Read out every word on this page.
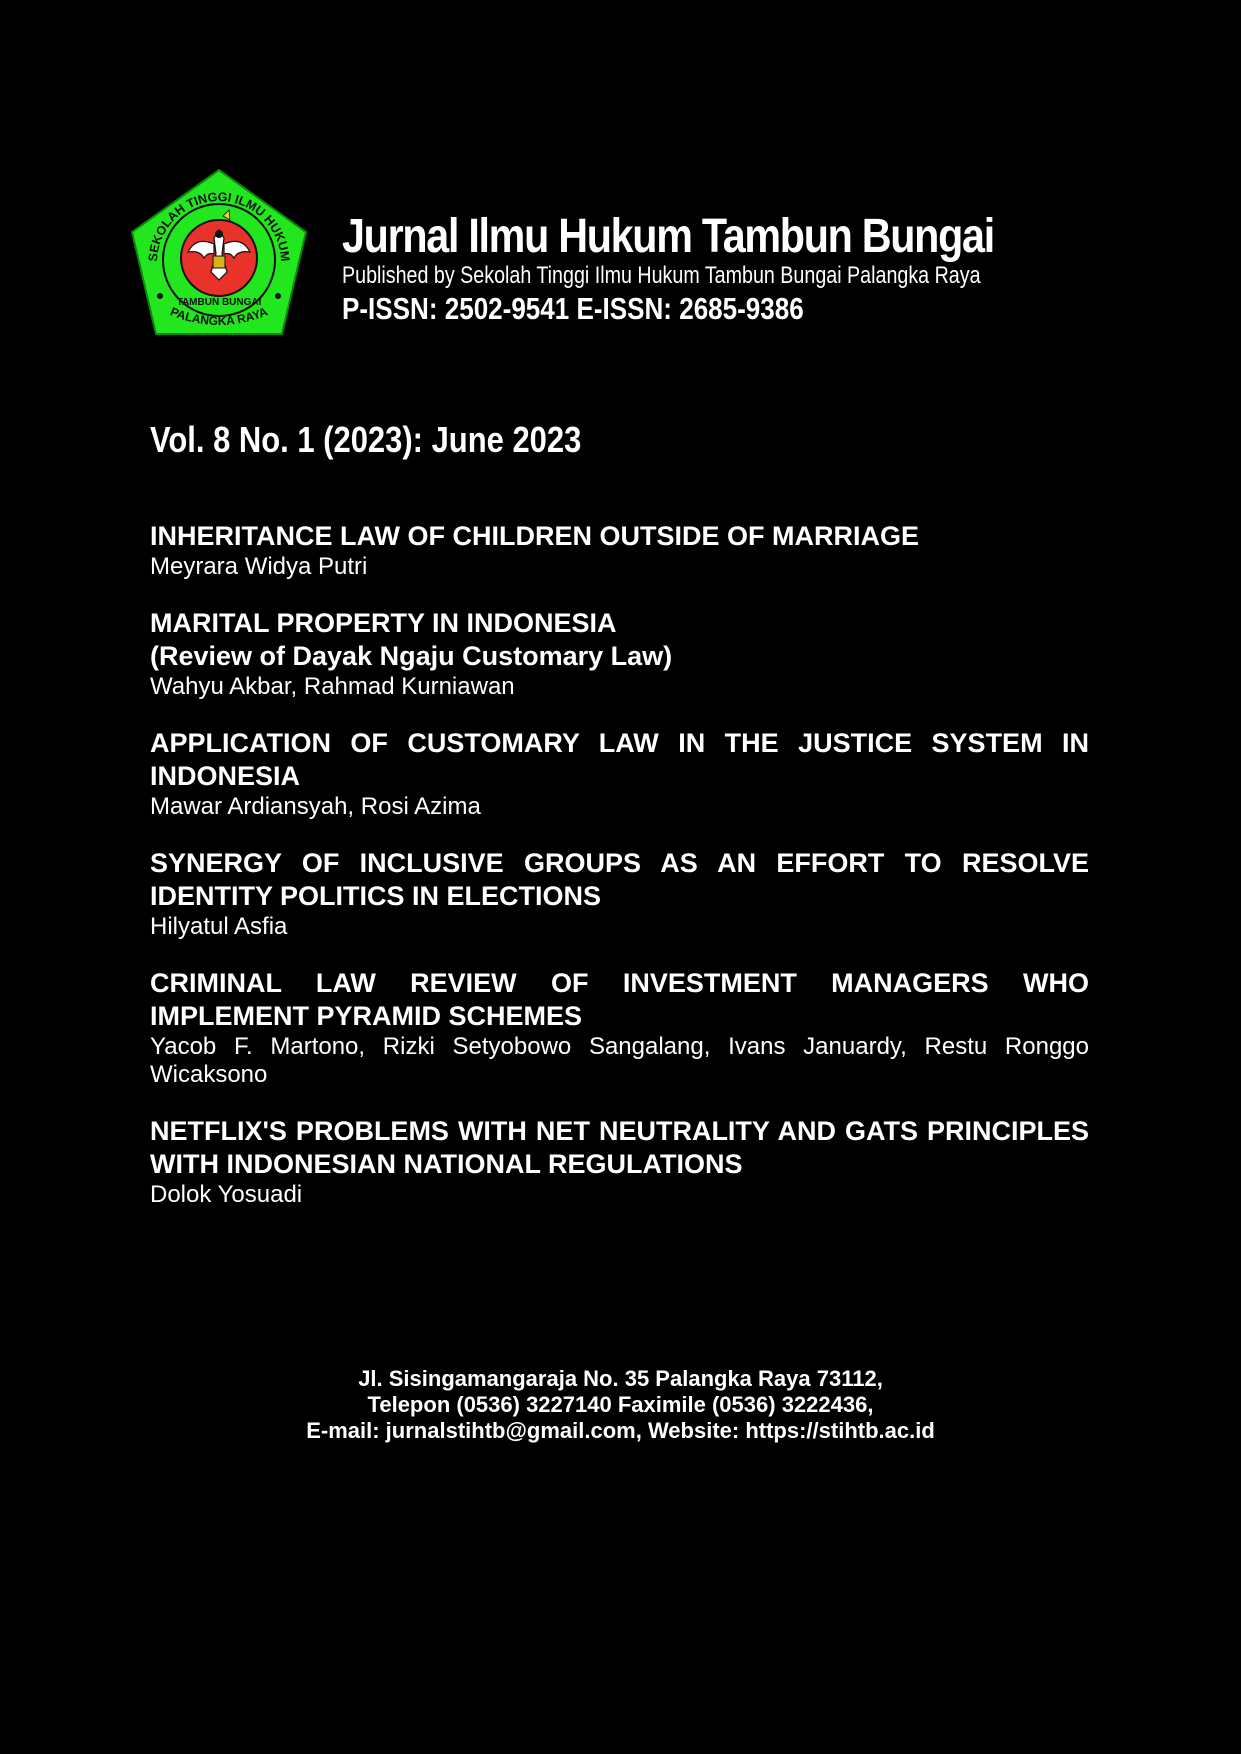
SEKOLAH TINGGI ILMU HUKUM
TAMBUN BUNGAI
PALANGKA RAYA
Jurnal Ilmu Hukum Tambun Bungai
Published by Sekolah Tinggi Ilmu Hukum Tambun Bungai Palangka Raya
P-ISSN: 2502-9541 E-ISSN: 2685-9386
Vol. 8 No. 1 (2023): June 2023
INHERITANCE LAW OF CHILDREN OUTSIDE OF MARRIAGE
Meyrara Widya Putri
MARITAL PROPERTY IN INDONESIA
(Review of Dayak Ngaju Customary Law)
Wahyu Akbar, Rahmad Kurniawan
APPLICATION OF CUSTOMARY LAW IN THE JUSTICE SYSTEM IN INDONESIA
Mawar Ardiansyah, Rosi Azima
SYNERGY OF INCLUSIVE GROUPS AS AN EFFORT TO RESOLVE IDENTITY POLITICS IN ELECTIONS
Hilyatul Asfia
CRIMINAL LAW REVIEW OF INVESTMENT MANAGERS WHO IMPLEMENT PYRAMID SCHEMES
Yacob F. Martono, Rizki Setyobowo Sangalang, Ivans Januardy, Restu Ronggo Wicaksono
NETFLIX'S PROBLEMS WITH NET NEUTRALITY AND GATS PRINCIPLES WITH INDONESIAN NATIONAL REGULATIONS
Dolok Yosuadi
Jl. Sisingamangaraja No. 35 Palangka Raya 73112,
Telepon (0536) 3227140 Faximile (0536) 3222436,
E-mail: jurnalstihtb@gmail.com, Website: https://stihtb.ac.id
